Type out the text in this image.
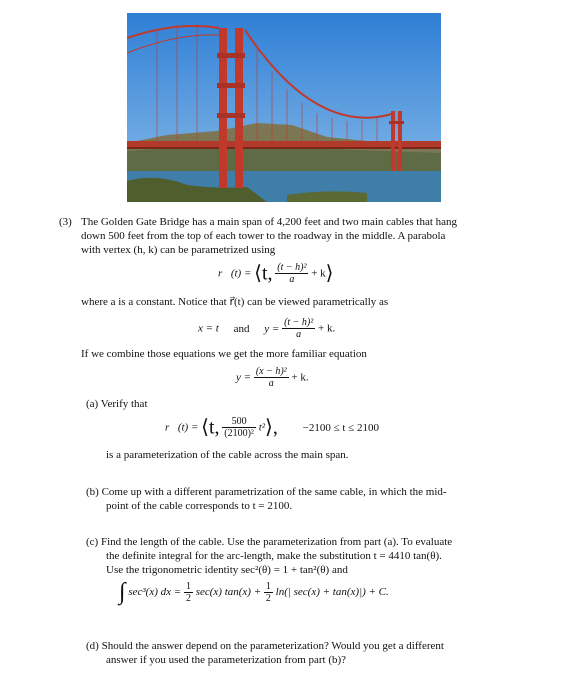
(3) The Golden Gate Bridge has a main span of 4,200 feet and two main cables that hang
down 500 feet from the top of each tower to the roadway in the middle. A parabola
with vertex (h, k) can be parametrized using
r⃗(t) = ⟨t, $\frac{\text{(t − h)²}}{a}$ + k⟩
where a is a constant. Notice that r⃗(t) can be viewed parametrically as
x = t and $y = \frac{\text{(t − h)²}}{a} + k$.
If we combine those equations we get the more familiar equation
$y = \frac{\text{(x − h)²}}{a} + k$.
(a) Verify that
r⃗(t) = ⟨t, $\frac{500}{\text{(2100)²}}$ t²⟩, −2100 ≤ t ≤ 2100
is a parameterization of the cable across the main span.
(b) Come up with a different parametrization of the same cable, in which the mid-
point of the cable corresponds to t = 2100.
(c) Find the length of the cable. Use the parameterization from part (a). To evaluate
the definite integral for the arc-length, make the substitution t = 4410 tan(θ).
Use the trigonometric identity sec²(θ) = 1 + tan²(θ) and
∫ sec³(x) dx = $\frac{1}{2} \sec(x) \tan(x) + \frac{1}{2} \ln(|$ sec(x) + tan(x)|) + C.
(d) Should the answer depend on the parameterization? Would you get a different
answer if you used the parameterization from part (b)?
